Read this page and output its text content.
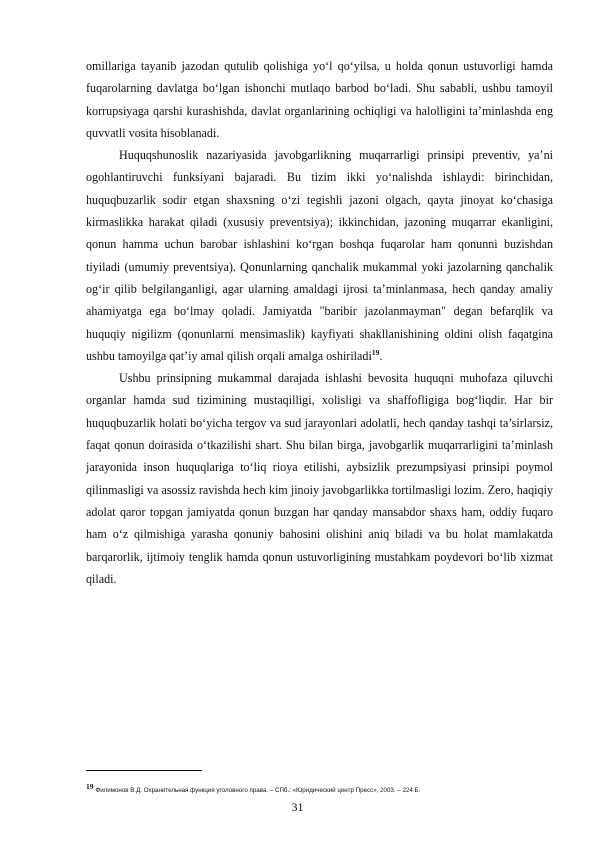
omillariga tayanib jazodan qutulib qolishiga yo‘l qo‘yilsa, u holda qonun ustuvorligi hamda fuqarolarning davlatga bo‘lgan ishonchi mutlaqo barbod bo‘ladi. Shu sababli, ushbu tamoyil korrupsiyaga qarshi kurashishda, davlat organlarining ochiqligi va halolligini ta’minlashda eng quvvatli vosita hisoblanadi.

Huquqshunoslik nazariyasida javobgarlikning muqarrarligi prinsipi preventiv, ya’ni ogohlantiruvchi funksiyani bajaradi. Bu tizim ikki yo‘nalishda ishlaydi: birinchidan, huquqbuzarlik sodir etgan shaxsning o‘zi tegishli jazoni olgach, qayta jinoyat ko‘chasiga kirmaslikka harakat qiladi (xususiy preventsiya); ikkinchidan, jazoning muqarrar ekanligini, qonun hamma uchun barobar ishlashini ko‘rgan boshqa fuqarolar ham qonunni buzishdan tiyiladi (umumiy preventsiya). Qonunlarning qanchalik mukammal yoki jazolarning qanchalik og‘ir qilib belgilanganligi, agar ularning amaldagi ijrosi ta’minlanmasa, hech qanday amaliy ahamiyatga ega bo‘lmay qoladi. Jamiyatda "baribir jazolanmayman" degan befarqlik va huquqiy nigilizm (qonunlarni mensimaslik) kayfiyati shakllanishining oldini olish faqatgina ushbu tamoyilga qat’iy amal qilish orqali amalga oshiriladi$^{19}$.

Ushbu prinsipning mukammal darajada ishlashi bevosita huquqni muhofaza qiluvchi organlar hamda sud tizimining mustaqilligi, xolisligi va shaffofligiga bog‘liqdir. Har bir huquqbuzarlik holati bo‘yicha tergov va sud jarayonlari adolatli, hech qanday tashqi ta’sirlarsiz, faqat qonun doirasida o‘tkazilishi shart. Shu bilan birga, javobgarlik muqarrarligini ta’minlash jarayonida inson huquqlariga to‘liq rioya etilishi, aybsizlik prezumpsiyasi prinsipi poymol qilinmasligi va asossiz ravishda hech kim jinoiy javobgarlikka tortilmasligi lozim. Zero, haqiqiy adolat qaror topgan jamiyatda qonun buzgan har qanday mansabdor shaxs ham, oddiy fuqaro ham o‘z qilmishiga yarasha qonuniy bahosini olishini aniq biladi va bu holat mamlakatda barqarorlik, ijtimoiy tenglik hamda qonun ustuvorligining mustahkam poydevori bo‘lib xizmat qiladi.

19 Филимонов В.Д. Охранительная функция уголовного права. – СПб.: «Юридический центр Пресс», 2003. – 224 Б.
31
